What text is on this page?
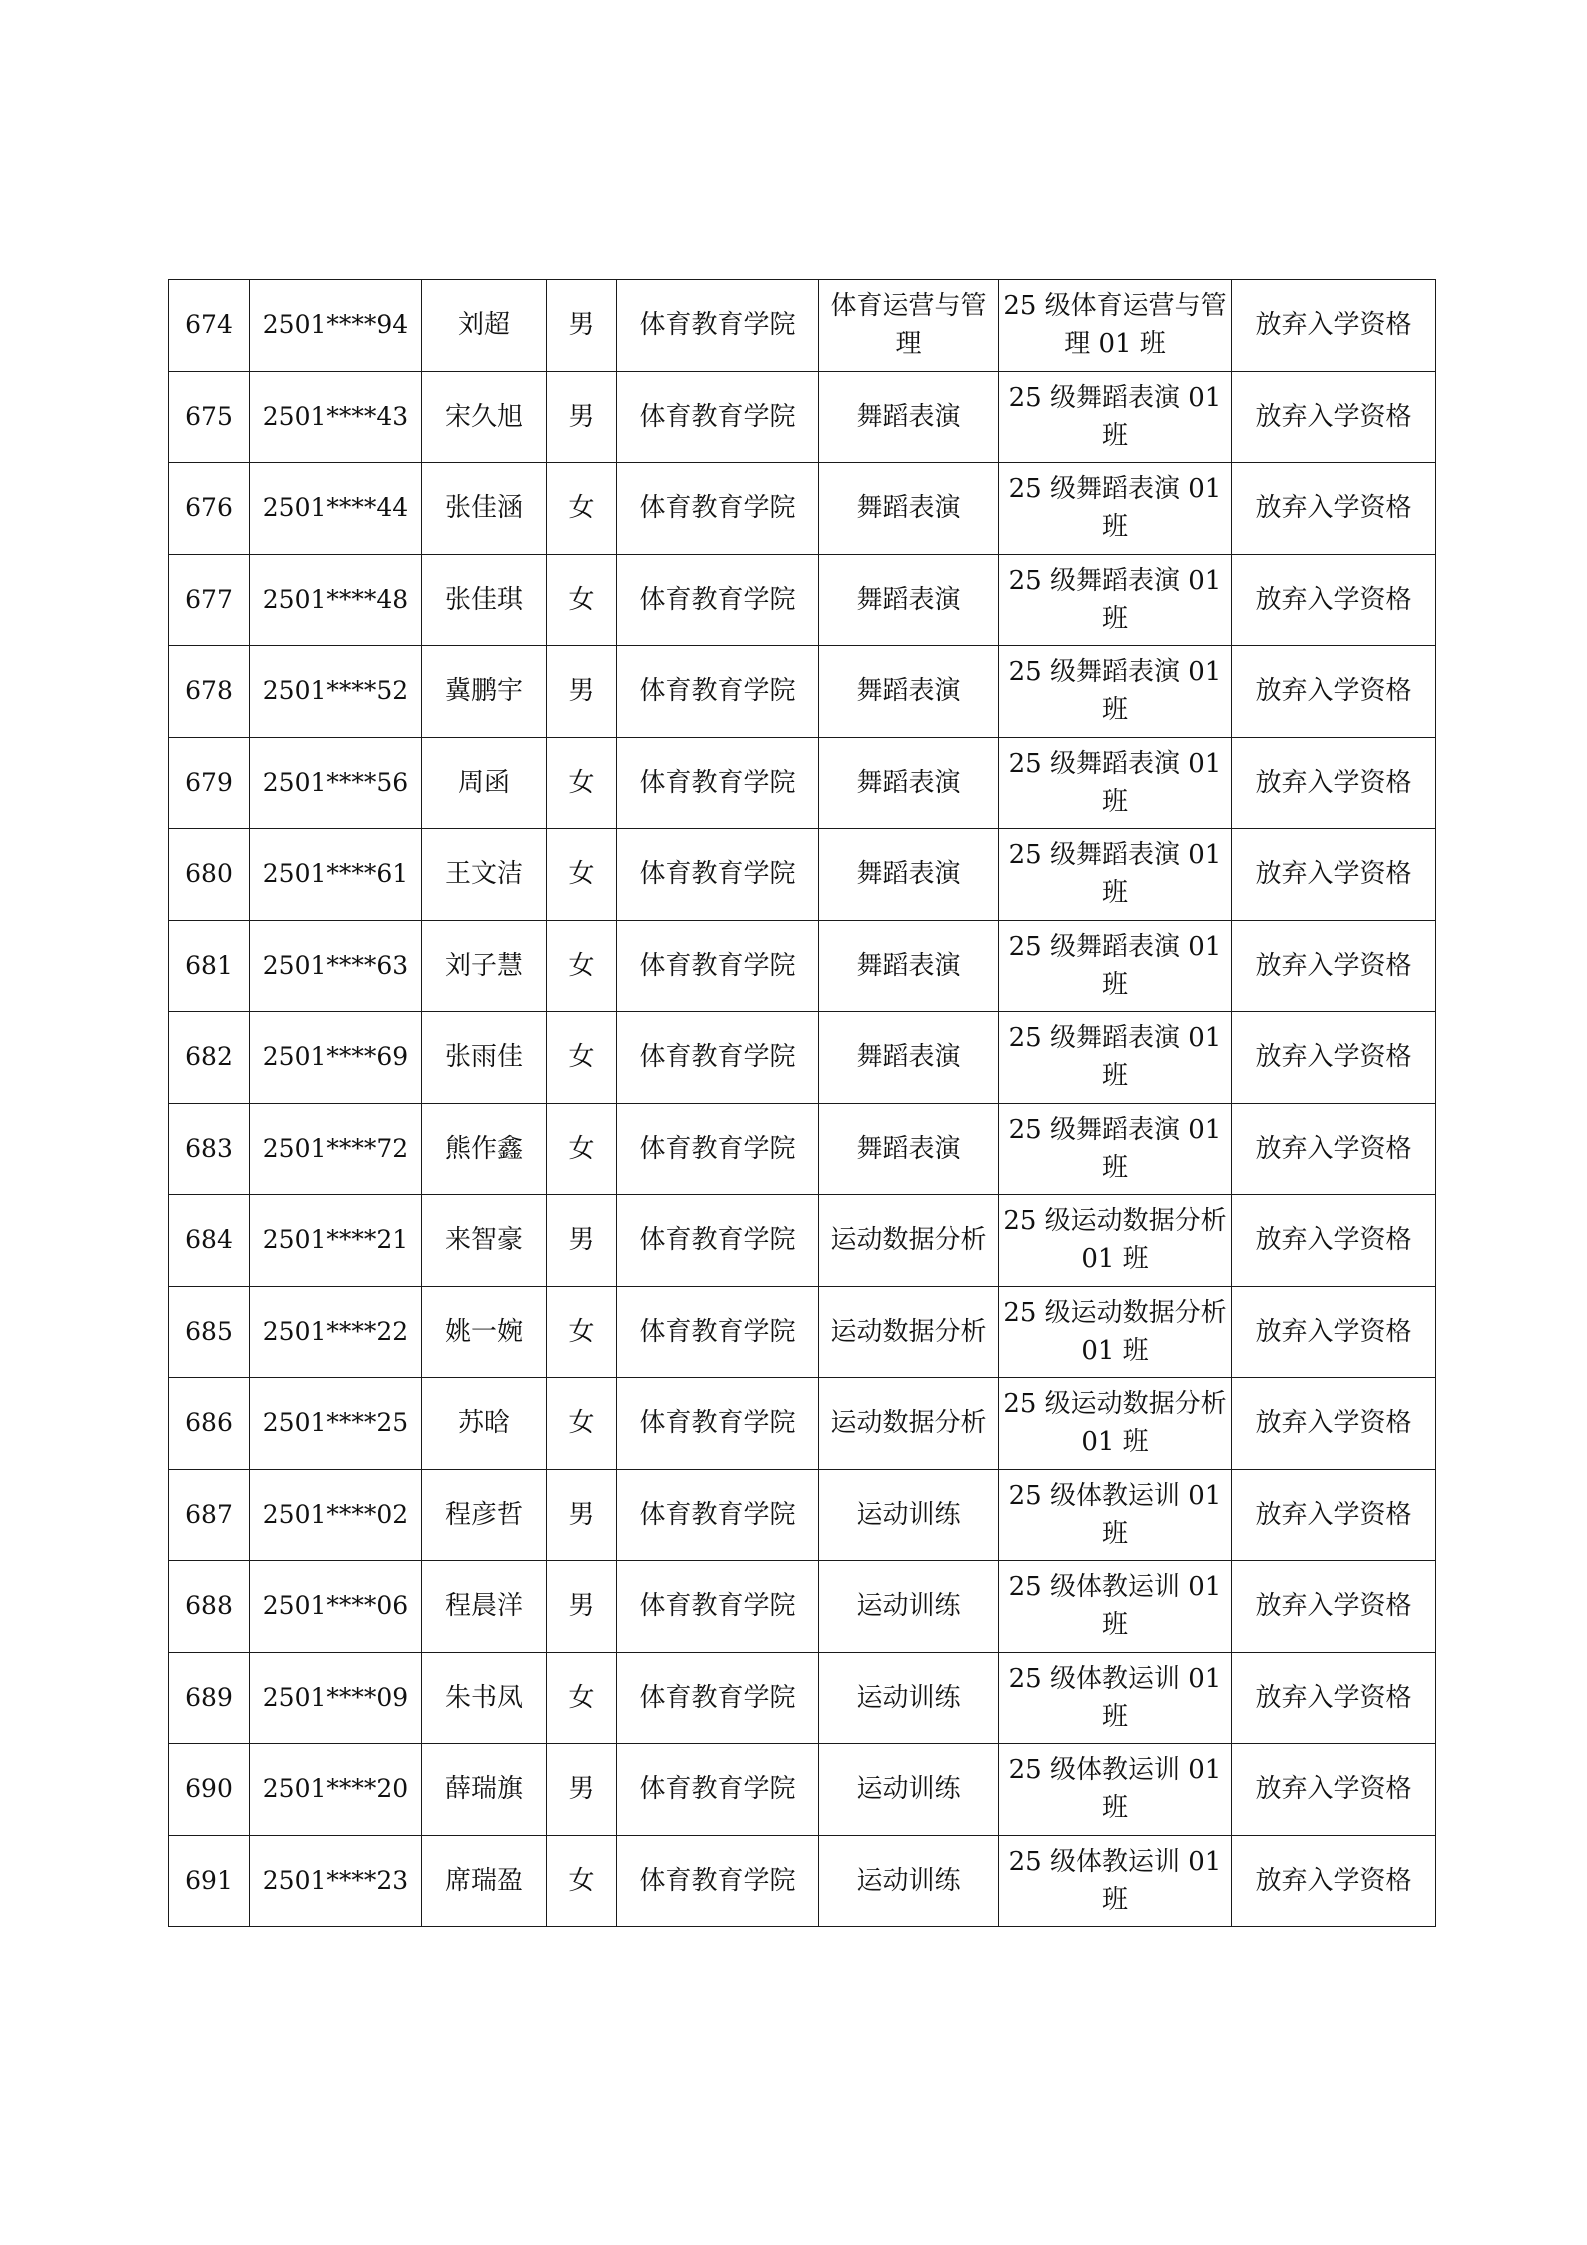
674	2501****94	刘超	男	体育教育学院	体育运营与管理	25 级体育运营与管理 01 班	放弃入学资格
675	2501****43	宋久旭	男	体育教育学院	舞蹈表演	25 级舞蹈表演 01 班	放弃入学资格
676	2501****44	张佳涵	女	体育教育学院	舞蹈表演	25 级舞蹈表演 01 班	放弃入学资格
677	2501****48	张佳琪	女	体育教育学院	舞蹈表演	25 级舞蹈表演 01 班	放弃入学资格
678	2501****52	冀鹏宇	男	体育教育学院	舞蹈表演	25 级舞蹈表演 01 班	放弃入学资格
679	2501****56	周函	女	体育教育学院	舞蹈表演	25 级舞蹈表演 01 班	放弃入学资格
680	2501****61	王文洁	女	体育教育学院	舞蹈表演	25 级舞蹈表演 01 班	放弃入学资格
681	2501****63	刘子慧	女	体育教育学院	舞蹈表演	25 级舞蹈表演 01 班	放弃入学资格
682	2501****69	张雨佳	女	体育教育学院	舞蹈表演	25 级舞蹈表演 01 班	放弃入学资格
683	2501****72	熊作鑫	女	体育教育学院	舞蹈表演	25 级舞蹈表演 01 班	放弃入学资格
684	2501****21	来智豪	男	体育教育学院	运动数据分析	25 级运动数据分析 01 班	放弃入学资格
685	2501****22	姚一婉	女	体育教育学院	运动数据分析	25 级运动数据分析 01 班	放弃入学资格
686	2501****25	苏晗	女	体育教育学院	运动数据分析	25 级运动数据分析 01 班	放弃入学资格
687	2501****02	程彦哲	男	体育教育学院	运动训练	25 级体教运训 01 班	放弃入学资格
688	2501****06	程晨洋	男	体育教育学院	运动训练	25 级体教运训 01 班	放弃入学资格
689	2501****09	朱书凤	女	体育教育学院	运动训练	25 级体教运训 01 班	放弃入学资格
690	2501****20	薛瑞旗	男	体育教育学院	运动训练	25 级体教运训 01 班	放弃入学资格
691	2501****23	席瑞盈	女	体育教育学院	运动训练	25 级体教运训 01 班	放弃入学资格
